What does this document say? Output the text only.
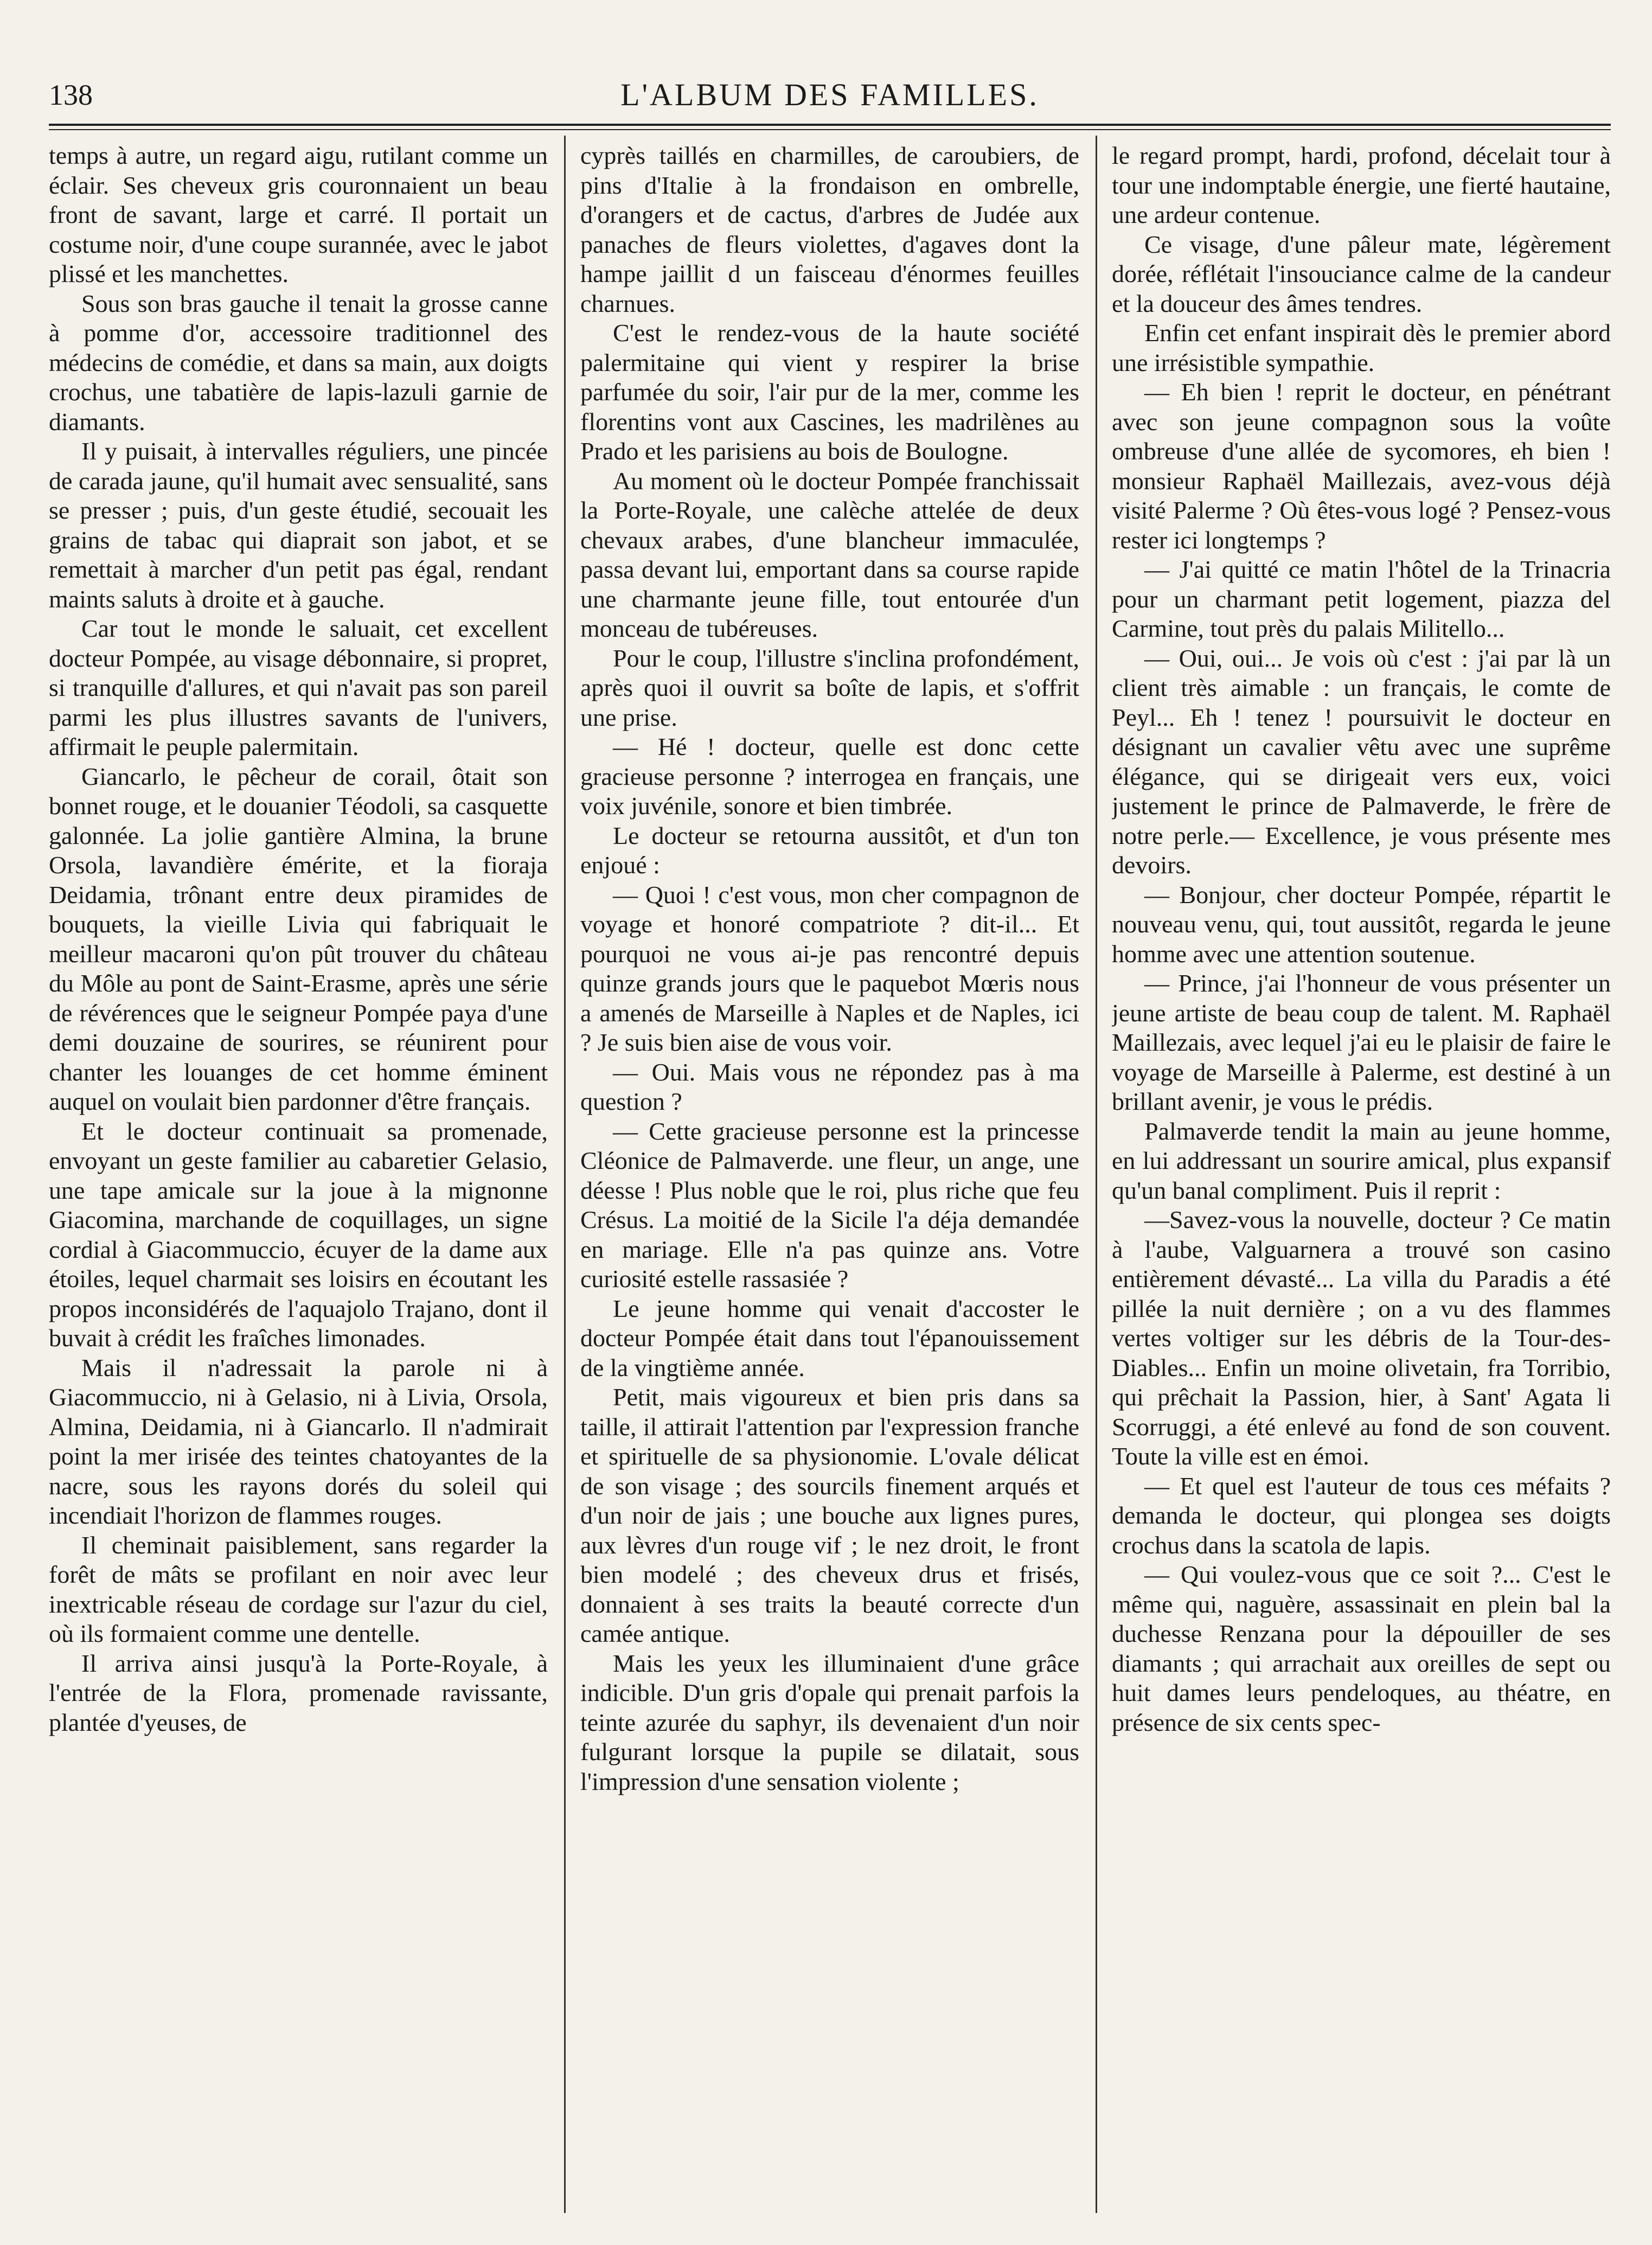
138	L'ALBUM DES FAMILLES.

temps à autre, un regard aigu, rutilant comme un éclair. Ses cheveux gris couronnaient un beau front de savant, large et carré. Il portait un costume noir, d'une coupe surannée, avec le jabot plissé et les manchettes.

Sous son bras gauche il tenait la grosse canne à pomme d'or, accessoire traditionnel des médecins de comédie, et dans sa main, aux doigts crochus, une tabatière de lapis-lazuli garnie de diamants.

Il y puisait, à intervalles réguliers, une pincée de carada jaune, qu'il humait avec sensualité, sans se presser ; puis, d'un geste étudié, secouait les grains de tabac qui diaprait son jabot, et se remettait à marcher d'un petit pas égal, rendant maints saluts à droite et à gauche.

Car tout le monde le saluait, cet excellent docteur Pompée, au visage débonnaire, si propret, si tranquille d'allures, et qui n'avait pas son pareil parmi les plus illustres savants de l'univers, affirmait le peuple palermitain.

Giancarlo, le pêcheur de corail, ôtait son bonnet rouge, et le douanier Téodoli, sa casquette galonnée. La jolie gantière Almina, la brune Orsola, lavandière émérite, et la fioraja Deidamia, trônant entre deux piramides de bouquets, la vieille Livia qui fabriquait le meilleur macaroni qu'on pût trouver du château du Môle au pont de Saint-Erasme, après une série de révérences que le seigneur Pompée paya d'une demi douzaine de sourires, se réunirent pour chanter les louanges de cet homme éminent auquel on voulait bien pardonner d'être français.

Et le docteur continuait sa promenade, envoyant un geste familier au cabaretier Gelasio, une tape amicale sur la joue à la mignonne Giacomina, marchande de coquillages, un signe cordial à Giacommuccio, écuyer de la dame aux étoiles, lequel charmait ses loisirs en écoutant les propos inconsidérés de l'aquajolo Trajano, dont il buvait à crédit les fraîches limonades.

Mais il n'adressait la parole ni à Giacommuccio, ni à Gelasio, ni à Livia, Orsola, Almina, Deidamia, ni à Giancarlo. Il n'admirait point la mer irisée des teintes chatoyantes de la nacre, sous les rayons dorés du soleil qui incendiait l'horizon de flammes rouges.

Il cheminait paisiblement, sans regarder la forêt de mâts se profilant en noir avec leur inextricable réseau de cordage sur l'azur du ciel, où ils formaient comme une dentelle.

Il arriva ainsi jusqu'à la Porte-Royale, à l'entrée de la Flora, promenade ravissante, plantée d'yeuses, de

cyprès taillés en charmilles, de caroubiers, de pins d'Italie à la frondaison en ombrelle, d'orangers et de cactus, d'arbres de Judée aux panaches de fleurs violettes, d'agaves dont la hampe jaillit d un faisceau d'énormes feuilles charnues.

C'est le rendez-vous de la haute société palermitaine qui vient y respirer la brise parfumée du soir, l'air pur de la mer, comme les florentins vont aux Cascines, les madrilènes au Prado et les parisiens au bois de Boulogne.

Au moment où le docteur Pompée franchissait la Porte-Royale, une calèche attelée de deux chevaux arabes, d'une blancheur immaculée, passa devant lui, emportant dans sa course rapide une charmante jeune fille, tout entourée d'un monceau de tubéreuses.

Pour le coup, l'illustre s'inclina profondément, après quoi il ouvrit sa boîte de lapis, et s'offrit une prise.

— Hé ! docteur, quelle est donc cette gracieuse personne ? interrogea en français, une voix juvénile, sonore et bien timbrée.

Le docteur se retourna aussitôt, et d'un ton enjoué :

— Quoi ! c'est vous, mon cher compagnon de voyage et honoré compatriote ? dit-il... Et pourquoi ne vous ai-je pas rencontré depuis quinze grands jours que le paquebot Mœris nous a amenés de Marseille à Naples et de Naples, ici ? Je suis bien aise de vous voir.

— Oui. Mais vous ne répondez pas à ma question ?

— Cette gracieuse personne est la princesse Cléonice de Palmaverde. une fleur, un ange, une déesse ! Plus noble que le roi, plus riche que feu Crésus. La moitié de la Sicile l'a déja demandée en mariage. Elle n'a pas quinze ans. Votre curiosité estelle rassasiée ?

Le jeune homme qui venait d'accoster le docteur Pompée était dans tout l'épanouissement de la vingtième année.

Petit, mais vigoureux et bien pris dans sa taille, il attirait l'attention par l'expression franche et spirituelle de sa physionomie. L'ovale délicat de son visage ; des sourcils finement arqués et d'un noir de jais ; une bouche aux lignes pures, aux lèvres d'un rouge vif ; le nez droit, le front bien modelé ; des cheveux drus et frisés, donnaient à ses traits la beauté correcte d'un camée antique.

Mais les yeux les illuminaient d'une grâce indicible. D'un gris d'opale qui prenait parfois la teinte azurée du saphyr, ils devenaient d'un noir fulgurant lorsque la pupile se dilatait, sous l'impression d'une sensation violente ;

le regard prompt, hardi, profond, décelait tour à tour une indomptable énergie, une fierté hautaine, une ardeur contenue.

Ce visage, d'une pâleur mate, légèrement dorée, réflétait l'insouciance calme de la candeur et la douceur des âmes tendres.

Enfin cet enfant inspirait dès le premier abord une irrésistible sympathie.

— Eh bien ! reprit le docteur, en pénétrant avec son jeune compagnon sous la voûte ombreuse d'une allée de sycomores, eh bien ! monsieur Raphaël Maillezais, avez-vous déjà visité Palerme ? Où êtes-vous logé ? Pensez-vous rester ici longtemps ?

— J'ai quitté ce matin l'hôtel de la Trinacria pour un charmant petit logement, piazza del Carmine, tout près du palais Militello...

— Oui, oui... Je vois où c'est : j'ai par là un client très aimable : un français, le comte de Peyl... Eh ! tenez ! poursuivit le docteur en désignant un cavalier vêtu avec une suprême élégance, qui se dirigeait vers eux, voici justement le prince de Palmaverde, le frère de notre perle.— Excellence, je vous présente mes devoirs.

— Bonjour, cher docteur Pompée, répartit le nouveau venu, qui, tout aussitôt, regarda le jeune homme avec une attention soutenue.

— Prince, j'ai l'honneur de vous présenter un jeune artiste de beau coup de talent. M. Raphaël Maillezais, avec lequel j'ai eu le plaisir de faire le voyage de Marseille à Palerme, est destiné à un brillant avenir, je vous le prédis.

Palmaverde tendit la main au jeune homme, en lui addressant un sourire amical, plus expansif qu'un banal compliment. Puis il reprit :

—Savez-vous la nouvelle, docteur ? Ce matin à l'aube, Valguarnera a trouvé son casino entièrement dévasté... La villa du Paradis a été pillée la nuit dernière ; on a vu des flammes vertes voltiger sur les débris de la Tour-des-Diables... Enfin un moine olivetain, fra Torribio, qui prêchait la Passion, hier, à Sant' Agata li Scorruggi, a été enlevé au fond de son couvent. Toute la ville est en émoi.

— Et quel est l'auteur de tous ces méfaits ? demanda le docteur, qui plongea ses doigts crochus dans la scatola de lapis.

— Qui voulez-vous que ce soit ?... C'est le même qui, naguère, assassinait en plein bal la duchesse Renzana pour la dépouiller de ses diamants ; qui arrachait aux oreilles de sept ou huit dames leurs pendeloques, au théatre, en présence de six cents spec-
